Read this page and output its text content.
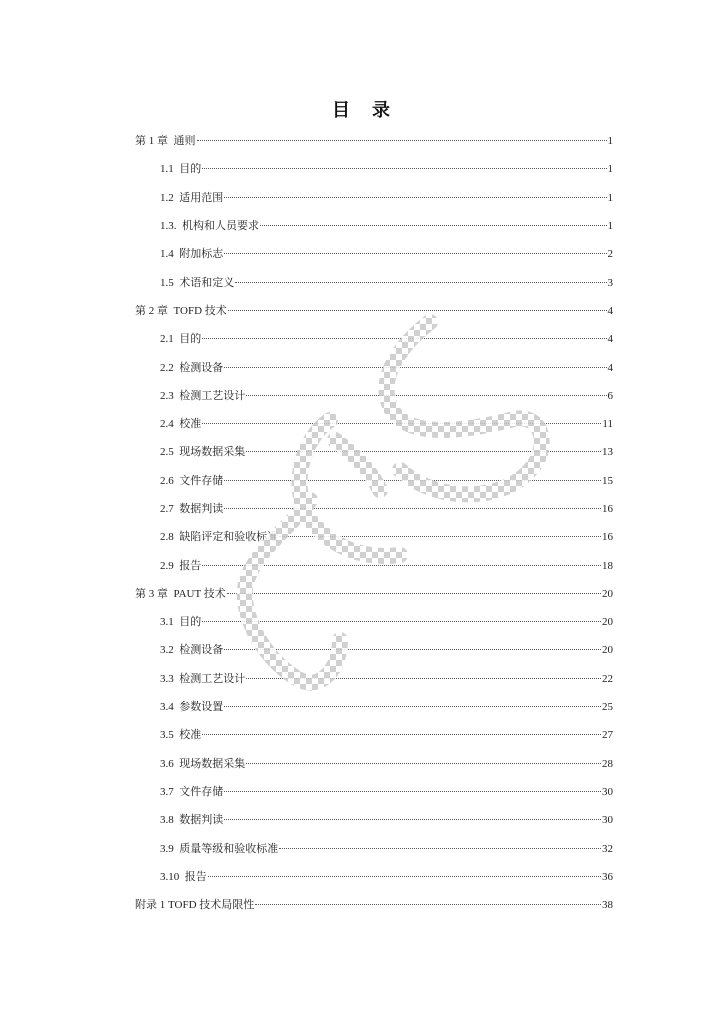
目　录
第 1 章  通则	1
1.1  目的	1
1.2  适用范围	1
1.3.  机构和人员要求	1
1.4  附加标志	2
1.5  术语和定义	3
第 2 章  TOFD 技术	4
2.1  目的	4
2.2  检测设备	4
2.3  检测工艺设计	6
2.4  校准	11
2.5  现场数据采集	13
2.6  文件存储	15
2.7  数据判读	16
2.8  缺陷评定和验收标准	16
2.9  报告	18
第 3 章  PAUT 技术	20
3.1  目的	20
3.2  检测设备	20
3.3  检测工艺设计	22
3.4  参数设置	25
3.5  校准	27
3.6  现场数据采集	28
3.7  文件存储	30
3.8  数据判读	30
3.9  质量等级和验收标准	32
3.10  报告	36
附录 1 TOFD 技术局限性	38
